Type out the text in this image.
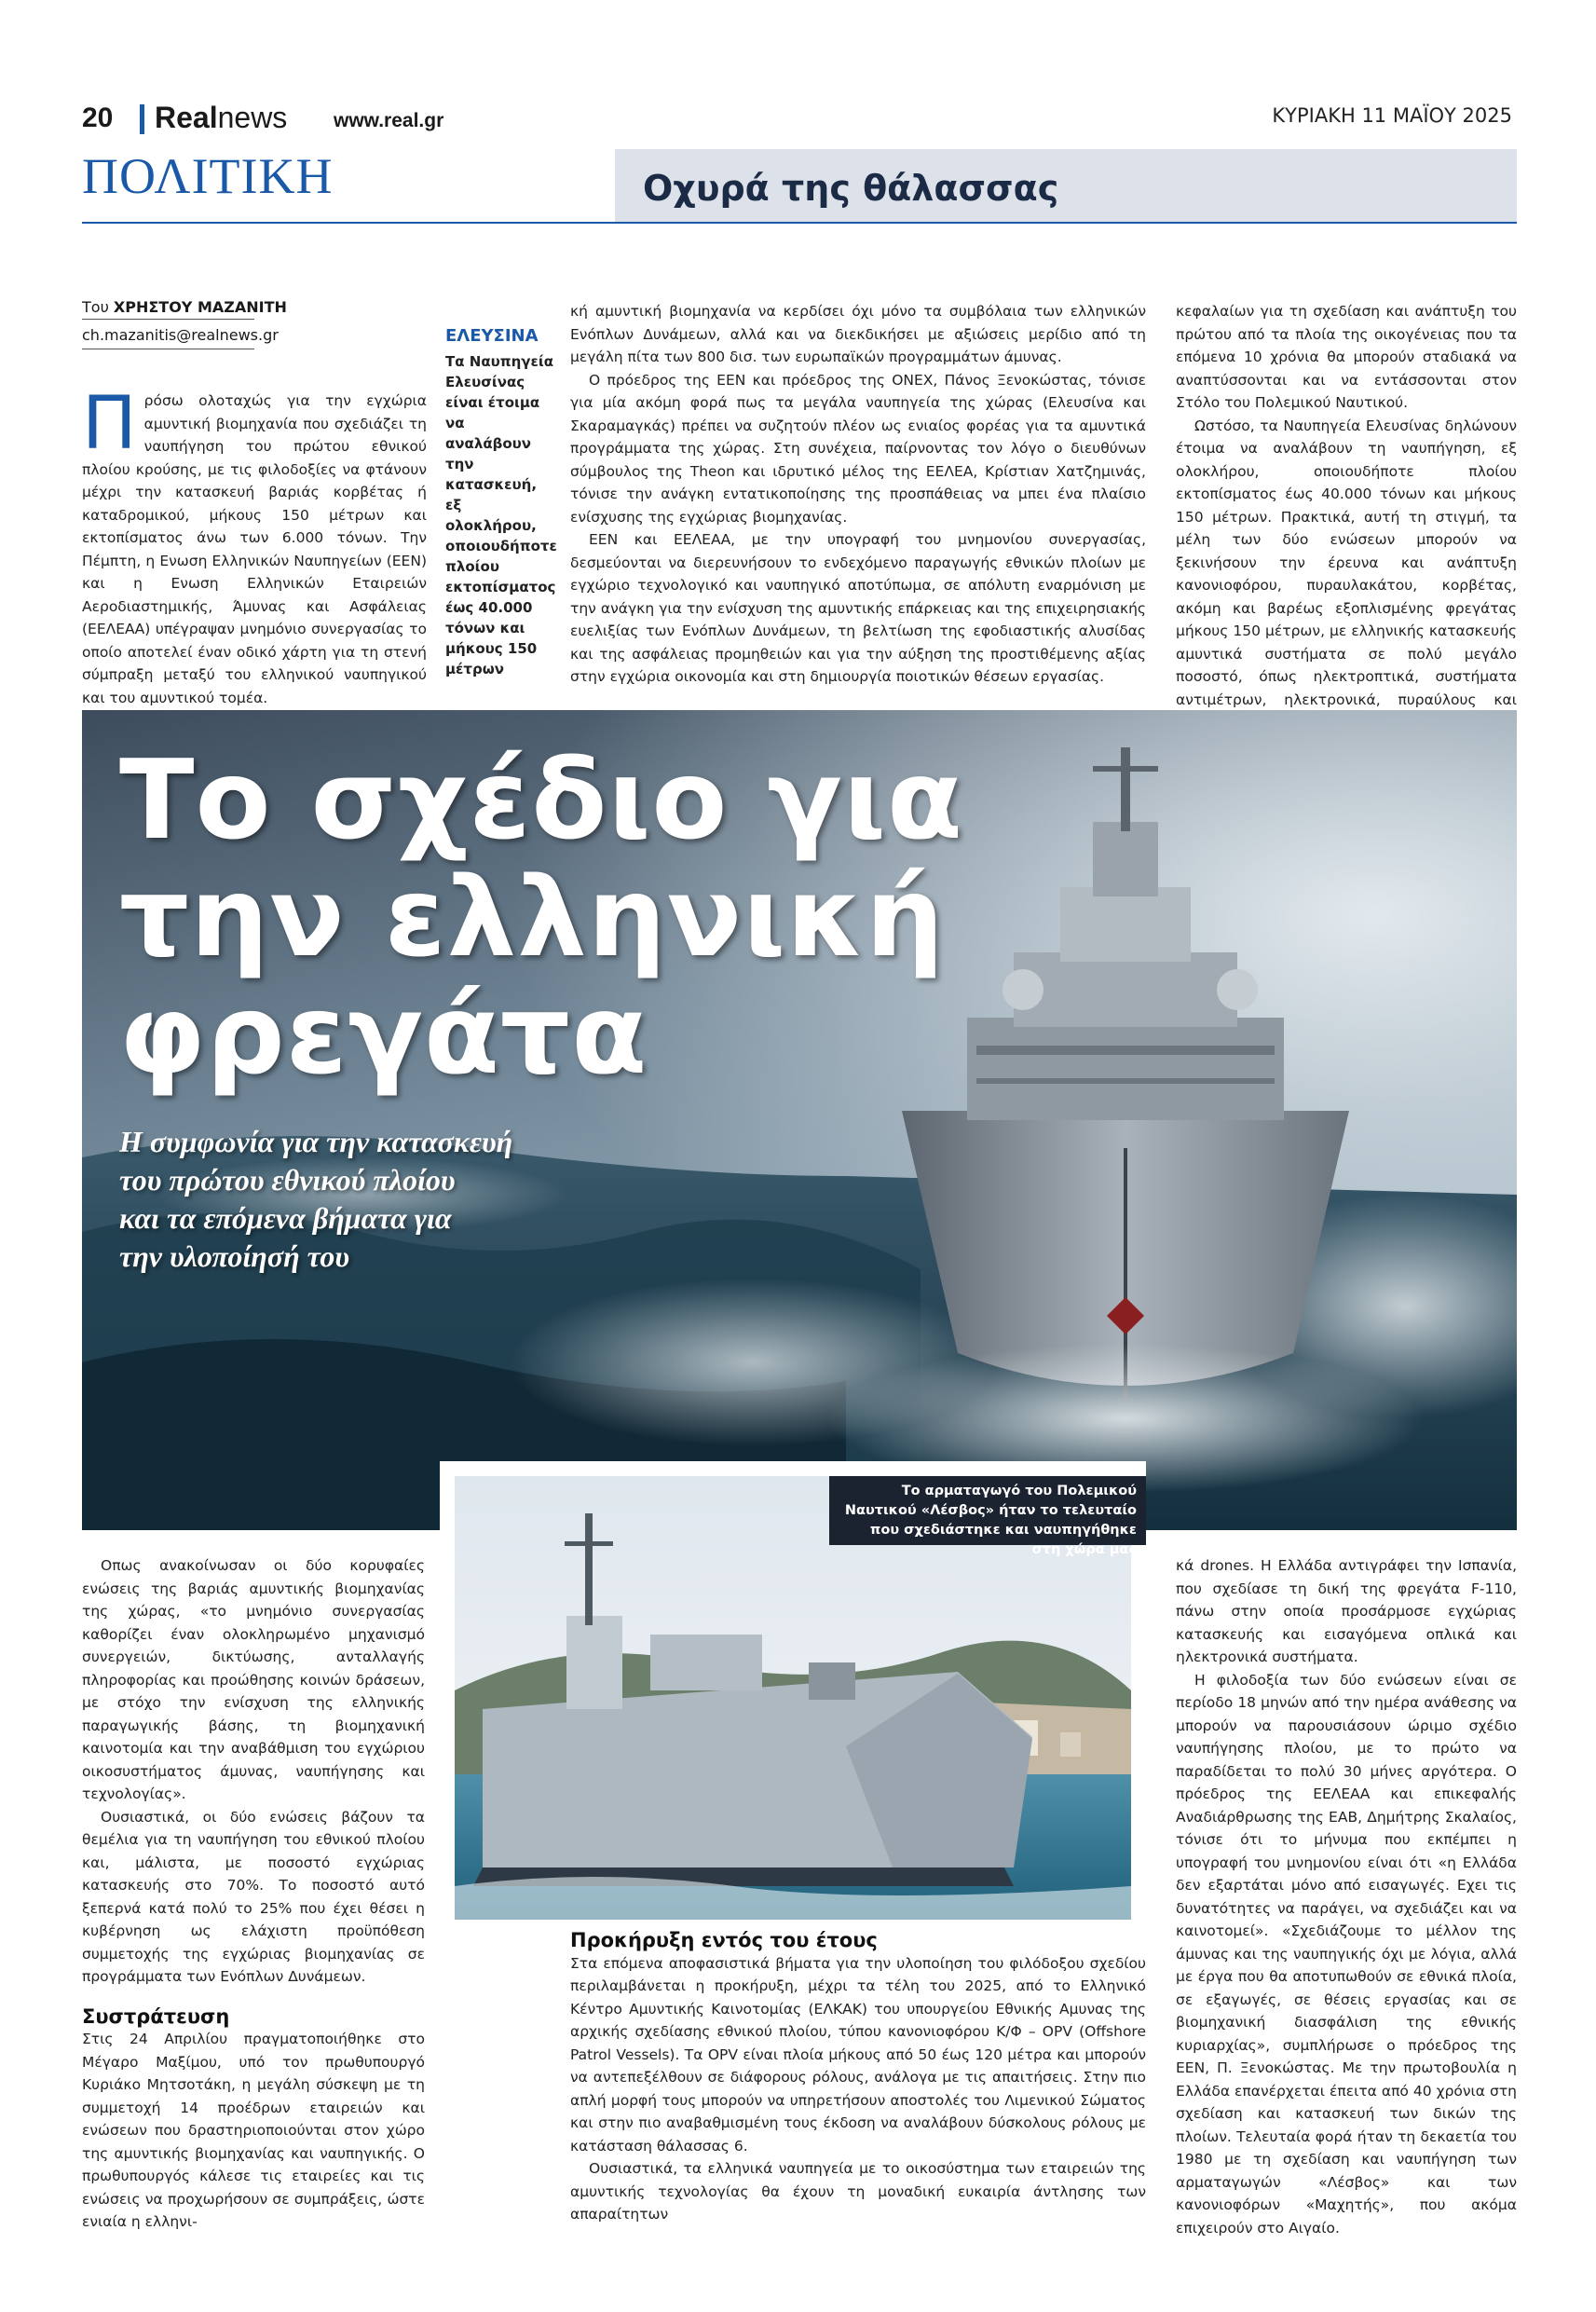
20 Realnews www.real.gr	ΚΥΡΙΑΚΗ 11 ΜΑΪΟΥ 2025
ΠΟΛΙΤΙΚΗ	Οχυρά της θάλασσας
Του ΧΡΗΣΤΟΥ ΜΑΖΑΝΙΤΗ
ch.mazanitis@realnews.gr
Πρόσω ολοταχώς για την εγχώρια αμυντική βιομηχανία που σχεδιάζει τη ναυπήγηση του πρώτου εθνικού πλοίου κρούσης, με τις φιλοδοξίες να φτάνουν μέχρι την κατασκευή βαριάς κορβέτας ή καταδρομικού, μήκους 150 μέτρων και εκτοπίσματος άνω των 6.000 τόνων. Την Πέμπτη, η Ενωση Ελληνικών Ναυπηγείων (ΕΕΝ) και η Ενωση Ελληνικών Εταιρειών Αεροδιαστημικής, Άμυνας και Ασφάλειας (ΕΕΛΕΑΑ) υπέγραψαν μνημόνιο συνεργασίας το οποίο αποτελεί έναν οδικό χάρτη για τη στενή σύμπραξη μεταξύ του ελληνικού ναυπηγικού και του αμυντικού τομέα.
ΕΛΕΥΣΙΝΑ
Τα Ναυπηγεία Ελευσίνας είναι έτοιμα να αναλάβουν την κατασκευή, εξ ολοκλήρου, οποιουδήποτε πλοίου εκτοπίσματος έως 40.000 τόνων και μήκους 150 μέτρων

κή αμυντική βιομηχανία να κερδίσει όχι μόνο τα συμβόλαια των ελληνικών Ενόπλων Δυνάμεων, αλλά και να διεκδικήσει με αξιώσεις μερίδιο από τη μεγάλη πίτα των 800 δισ. των ευρωπαϊκών προγραμμάτων άμυνας.

Ο πρόεδρος της ΕΕΝ και πρόεδρος της ΟΝΕΧ, Πάνος Ξενοκώστας, τόνισε για μία ακόμη φορά πως τα μεγάλα ναυπηγεία της χώρας (Ελευσίνα και Σκαραμαγκάς) πρέπει να συζητούν πλέον ως ενιαίος φορέας για τα αμυντικά προγράμματα της χώρας. Στη συνέχεια, παίρνοντας τον λόγο ο διευθύνων σύμβουλος της Theon και ιδρυτικό μέλος της ΕΕΛΕΑ, Κρίστιαν Χατζημινάς, τόνισε την ανάγκη εντατικοποίησης της προσπάθειας να μπει ένα πλαίσιο ενίσχυσης της εγχώριας βιομηχανίας.

ΕΕΝ και ΕΕΛΕΑΑ, με την υπογραφή του μνημονίου συνεργασίας, δεσμεύονται να διερευνήσουν το ενδεχόμενο παραγωγής εθνικών πλοίων με εγχώριο τεχνολογικό και ναυπηγικό αποτύπωμα, σε απόλυτη εναρμόνιση με την ανάγκη για την ενίσχυση της αμυντικής επάρκειας και της επιχειρησιακής ευελιξίας των Ενόπλων Δυνάμεων, τη βελτίωση της εφοδιαστικής αλυσίδας και της ασφάλειας προμηθειών και για την αύξηση της προστιθέμενης αξίας στην εγχώρια οικονομία και στη δημιουργία ποιοτικών θέσεων εργασίας.

κεφαλαίων για τη σχεδίαση και ανάπτυξη του πρώτου από τα πλοία της οικογένειας που τα επόμενα 10 χρόνια θα μπορούν σταδιακά να αναπτύσσονται και να εντάσσονται στον Στόλο του Πολεμικού Ναυτικού.

Ωστόσο, τα Ναυπηγεία Ελευσίνας δηλώνουν έτοιμα να αναλάβουν τη ναυπήγηση, εξ ολοκλήρου, οποιουδήποτε πλοίου εκτοπίσματος έως 40.000 τόνων και μήκους 150 μέτρων. Πρακτικά, αυτή τη στιγμή, τα μέλη των δύο ενώσεων μπορούν να ξεκινήσουν την έρευνα και ανάπτυξη κανονιοφόρου, πυραυλακάτου, κορβέτας, ακόμη και βαρέως εξοπλισμένης φρεγάτας μήκους 150 μέτρων, με ελληνικής κατασκευής αμυντικά συστήματα σε πολύ μεγάλο ποσοστό, όπως ηλεκτροπτικά, συστήματα αντιμέτρων, ηλεκτρονικά, πυραύλους και

Το σχέδιο για
την ελληνική
φρεγάτα
Η συμφωνία για την κατασκευή
του πρώτου εθνικού πλοίου
και τα επόμενα βήματα για
την υλοποίησή του
Το αρματαγωγό του Πολεμικού Ναυτικού «Λέσβος» ήταν το τελευταίο που σχεδιάστηκε και ναυπηγήθηκε στη χώρα μας

Οπως ανακοίνωσαν οι δύο κορυφαίες ενώσεις της βαριάς αμυντικής βιομηχανίας της χώρας, «το μνημόνιο συνεργασίας καθορίζει έναν ολοκληρωμένο μηχανισμό συνεργειών, δικτύωσης, ανταλλαγής πληροφορίας και προώθησης κοινών δράσεων, με στόχο την ενίσχυση της ελληνικής παραγωγικής βάσης, τη βιομηχανική καινοτομία και την αναβάθμιση του εγχώριου οικοσυστήματος άμυνας, ναυπήγησης και τεχνολογίας».

Ουσιαστικά, οι δύο ενώσεις βάζουν τα θεμέλια για τη ναυπήγηση του εθνικού πλοίου και, μάλιστα, με ποσοστό εγχώριας κατασκευής στο 70%. Το ποσοστό αυτό ξεπερνά κατά πολύ το 25% που έχει θέσει η κυβέρνηση ως ελάχιστη προϋπόθεση συμμετοχής της εγχώριας βιομηχανίας σε προγράμματα των Ενόπλων Δυνάμεων.

Συστράτευση

Στις 24 Απριλίου πραγματοποιήθηκε στο Μέγαρο Μαξίμου, υπό τον πρωθυπουργό Κυριάκο Μητσοτάκη, η μεγάλη σύσκεψη με τη συμμετοχή 14 προέδρων εταιρειών και ενώσεων που δραστηριοποιούνται στον χώρο της αμυντικής βιομηχανίας και ναυπηγικής. Ο πρωθυπουργός κάλεσε τις εταιρείες και τις ενώσεις να προχωρήσουν σε συμπράξεις, ώστε ενιαία η ελληνι-

Προκήρυξη εντός του έτους

Στα επόμενα αποφασιστικά βήματα για την υλοποίηση του φιλόδοξου σχεδίου περιλαμβάνεται η προκήρυξη, μέχρι τα τέλη του 2025, από το Ελληνικό Κέντρο Αμυντικής Καινοτομίας (ΕΛΚΑΚ) του υπουργείου Εθνικής Αμυνας της αρχικής σχεδίασης εθνικού πλοίου, τύπου κανονιοφόρου Κ/Φ – OPV (Offshore Patrol Vessels). Τα OPV είναι πλοία μήκους από 50 έως 120 μέτρα και μπορούν να αντεπεξέλθουν σε διάφορους ρόλους, ανάλογα με τις απαιτήσεις. Στην πιο απλή μορφή τους μπορούν να υπηρετήσουν αποστολές του Λιμενικού Σώματος και στην πιο αναβαθμισμένη τους έκδοση να αναλάβουν δύσκολους ρόλους με κατάσταση θάλασσας 6.

Ουσιαστικά, τα ελληνικά ναυπηγεία με το οικοσύστημα των εταιρειών της αμυντικής τεχνολογίας θα έχουν τη μοναδική ευκαιρία άντλησης των απαραίτητων

κά drones. Η Ελλάδα αντιγράφει την Ισπανία, που σχεδίασε τη δική της φρεγάτα F-110, πάνω στην οποία προσάρμοσε εγχώριας κατασκευής και εισαγόμενα οπλικά και ηλεκτρονικά συστήματα.

Η φιλοδοξία των δύο ενώσεων είναι σε περίοδο 18 μηνών από την ημέρα ανάθεσης να μπορούν να παρουσιάσουν ώριμο σχέδιο ναυπήγησης πλοίου, με το πρώτο να παραδίδεται το πολύ 30 μήνες αργότερα. Ο πρόεδρος της ΕΕΛΕΑΑ και επικεφαλής Αναδιάρθρωσης της ΕΑΒ, Δημήτρης Σκαλαίος, τόνισε ότι το μήνυμα που εκπέμπει η υπογραφή του μνημονίου είναι ότι «η Ελλάδα δεν εξαρτάται μόνο από εισαγωγές. Εχει τις δυνατότητες να παράγει, να σχεδιάζει και να καινοτομεί». «Σχεδιάζουμε το μέλλον της άμυνας και της ναυπηγικής όχι με λόγια, αλλά με έργα που θα αποτυπωθούν σε εθνικά πλοία, σε εξαγωγές, σε θέσεις εργασίας και σε βιομηχανική διασφάλιση της εθνικής κυριαρχίας», συμπλήρωσε ο πρόεδρος της ΕΕΝ, Π. Ξενοκώστας. Με την πρωτοβουλία η Ελλάδα επανέρχεται έπειτα από 40 χρόνια στη σχεδίαση και κατασκευή των δικών της πλοίων. Τελευταία φορά ήταν τη δεκαετία του 1980 με τη σχεδίαση και ναυπήγηση των αρματαγωγών «Λέσβος» και των κανονιοφόρων «Μαχητής», που ακόμα επιχειρούν στο Αιγαίο.
